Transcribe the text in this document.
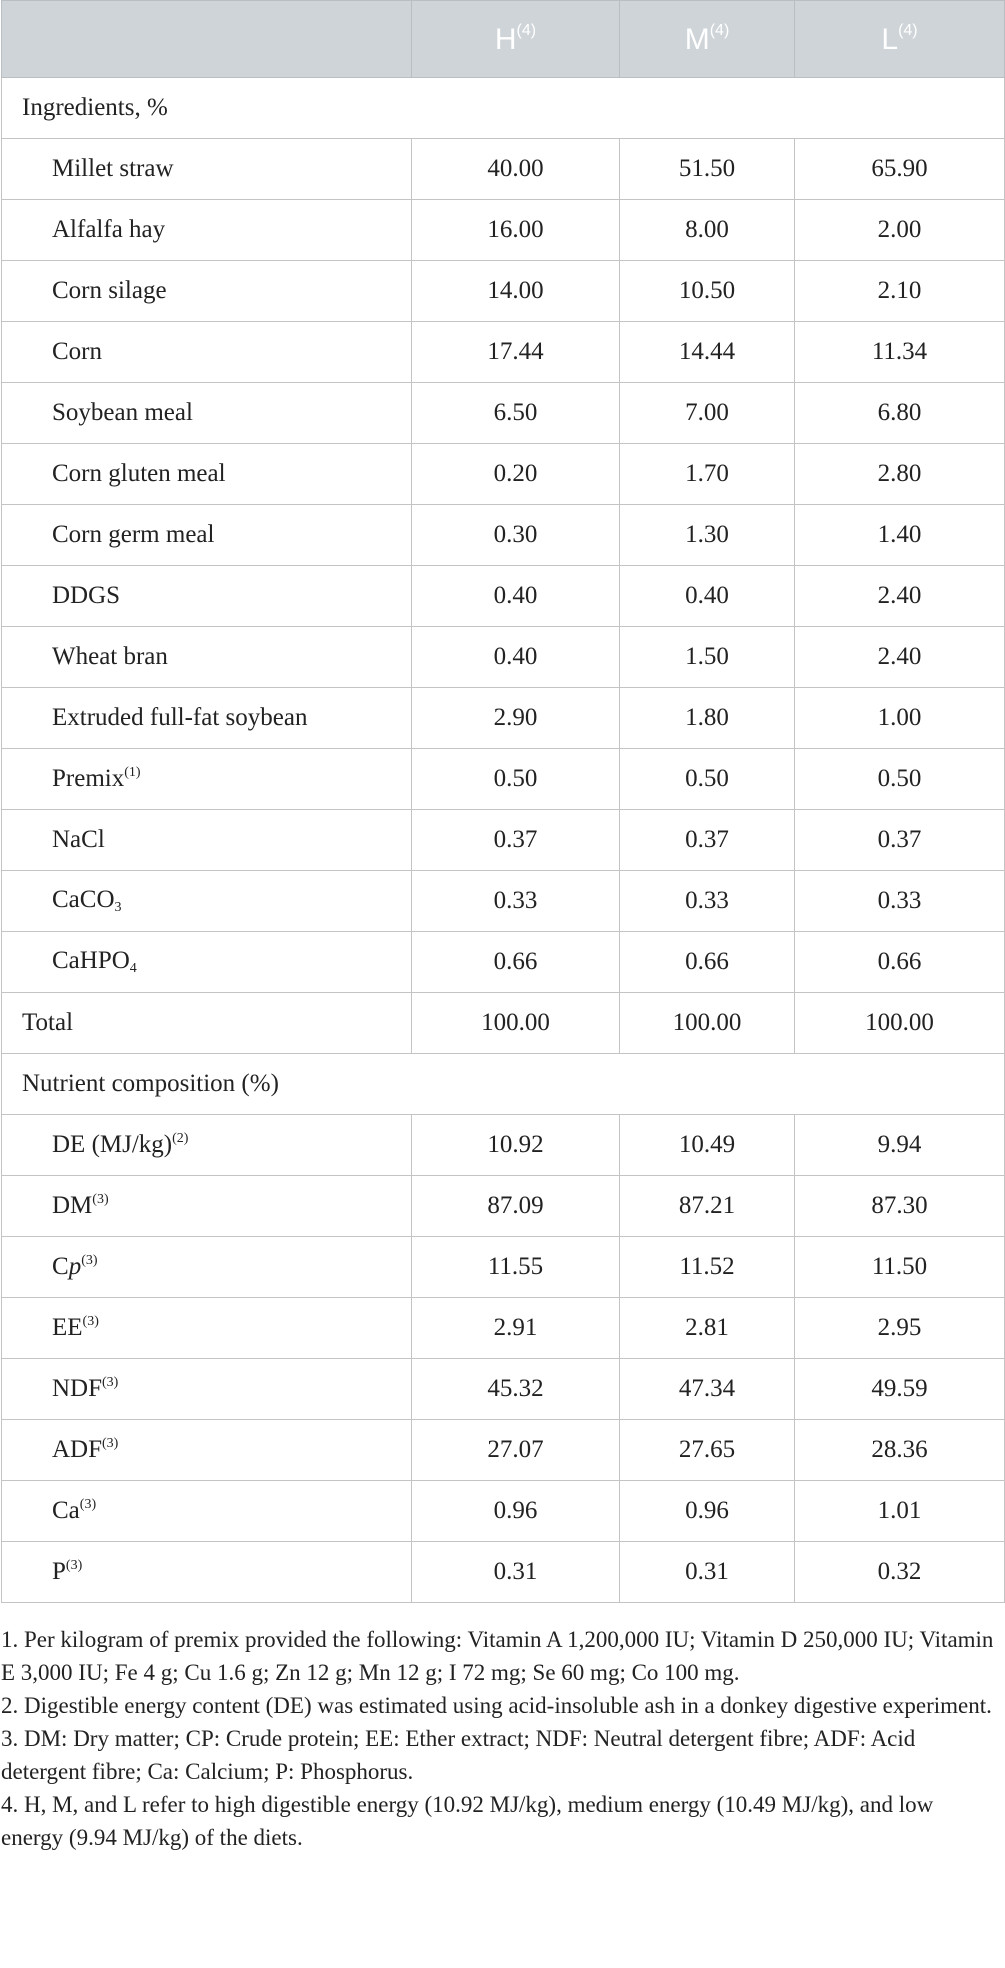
	$H^{(4)}$	$M^{(4)}$	$L^{(4)}$
Ingredients, %			
Millet straw	40.00	51.50	65.90
Alfalfa hay	16.00	8.00	2.00
Corn silage	14.00	10.50	2.10
Corn	17.44	14.44	11.34
Soybean meal	6.50	7.00	6.80
Corn gluten meal	0.20	1.70	2.80
Corn germ meal	0.30	1.30	1.40
DDGS	0.40	0.40	2.40
Wheat bran	0.40	1.50	2.40
Extruded full-fat soybean	2.90	1.80	1.00
Premix$^{(1)}$	0.50	0.50	0.50
NaCl	0.37	0.37	0.37
CaCO$_3$	0.33	0.33	0.33
CaHPO$_4$	0.66	0.66	0.66
Total	100.00	100.00	100.00
Nutrient composition (%)			
DE $(MJ/kg)^{(2)}$	10.92	10.49	9.94
DM$^{(3)}$	87.09	87.21	87.30
Cp$^{(3)}$	11.55	11.52	11.50
EE$^{(3)}$	2.91	2.81	2.95
NDF$^{(3)}$	45.32	47.34	49.59
ADF$^{(3)}$	27.07	27.65	28.36
Ca$^{(3)}$	0.96	0.96	1.01
$P^{(3)}$	0.31	0.31	0.32

1. Per kilogram of premix provided the following: Vitamin A 1,200,000 IU; Vitamin D 250,000 IU; Vitamin E 3,000 IU; Fe 4 g; Cu 1.6 g; Zn 12 g; Mn 12 g; I 72 mg; Se 60 mg; Co 100 mg.

2. Digestible energy content (DE) was estimated using acid-insoluble ash in a donkey digestive experiment.

3. DM: Dry matter; CP: Crude protein; EE: Ether extract; NDF: Neutral detergent fibre; ADF: Acid detergent fibre; Ca: Calcium; P: Phosphorus.

4. H, M, and L refer to high digestible energy (10.92 MJ/kg), medium energy (10.49 MJ/kg), and low energy (9.94 MJ/kg) of the diets.
